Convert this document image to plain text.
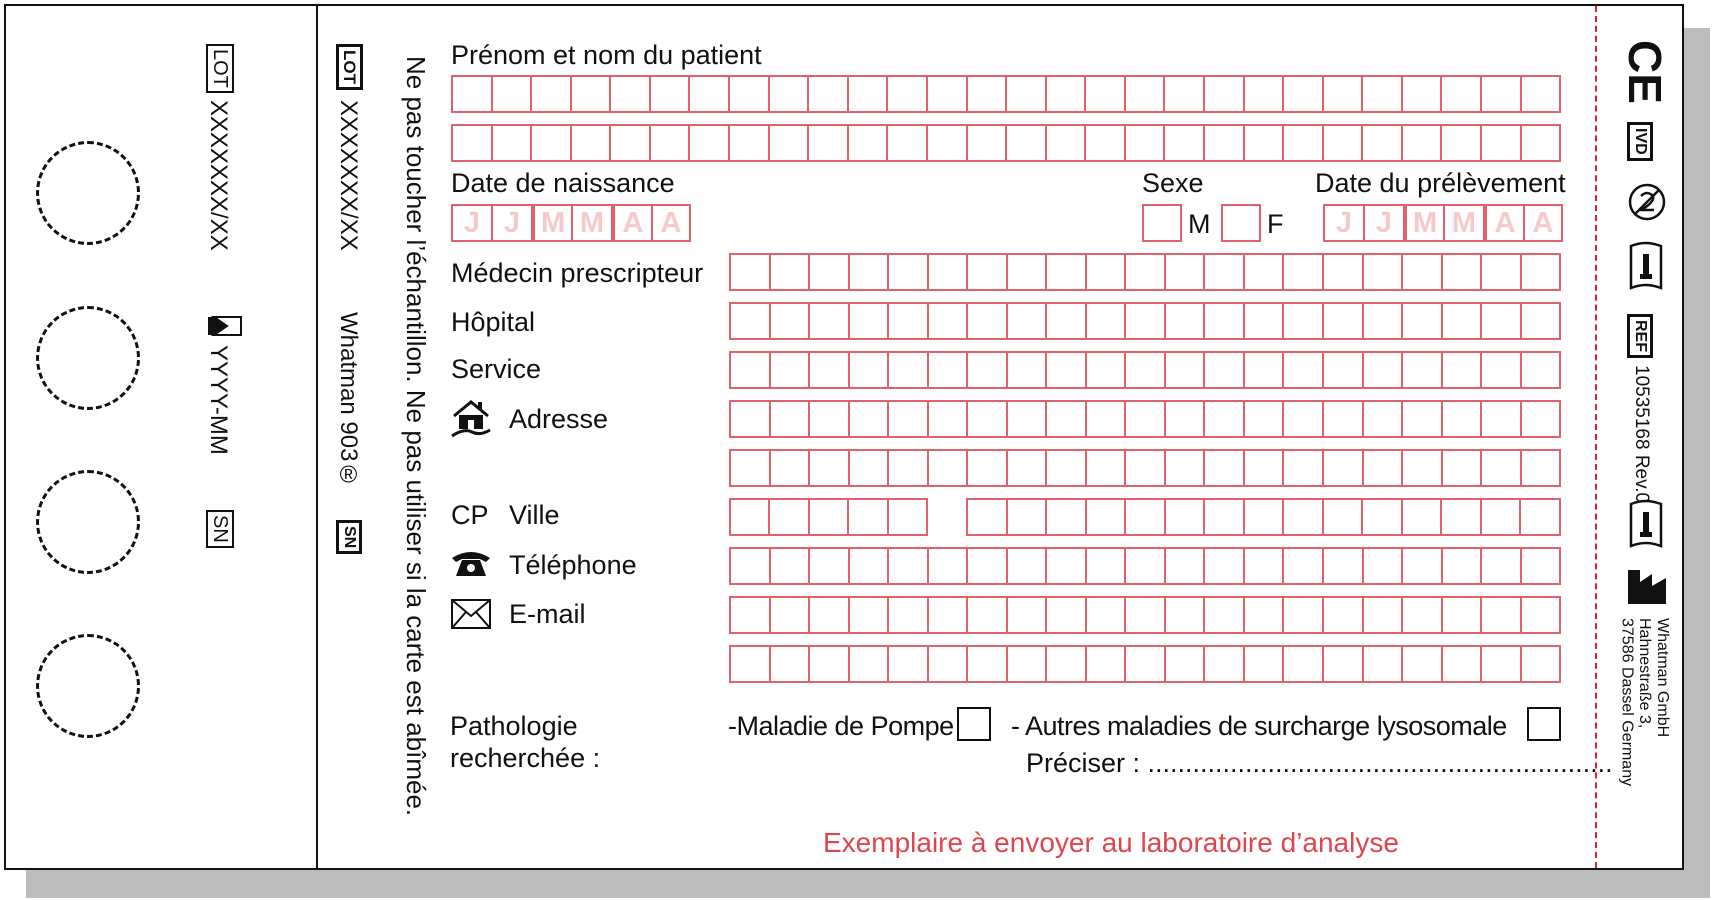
LOT
XXXXXXX/XX
YYYY-MM
SN
LOT
XXXXXXX/XX
Whatman 903®
SN Ne pas toucher l’échantillon. Ne pas utiliser si la carte est abîmée.
Prénom et nom du patient
Date de naissance	Sexe	Date du prélèvement
J J M M A A	M F	J J M M A A
Médecin prescripteur
Hôpital
Service
Adresse
CP Ville
Téléphone
E-mail
Pathologie
recherchée :
-Maladie de Pompe - Autres maladies de surcharge lysosomale
Préciser : ..............................................................
Exemplaire à envoyer au laboratoire d’analyse
CE
IVD
REF
10535168 Rev.0
Whatman GmbH
Hahnestraße 3,
37586 Dassel Germany
